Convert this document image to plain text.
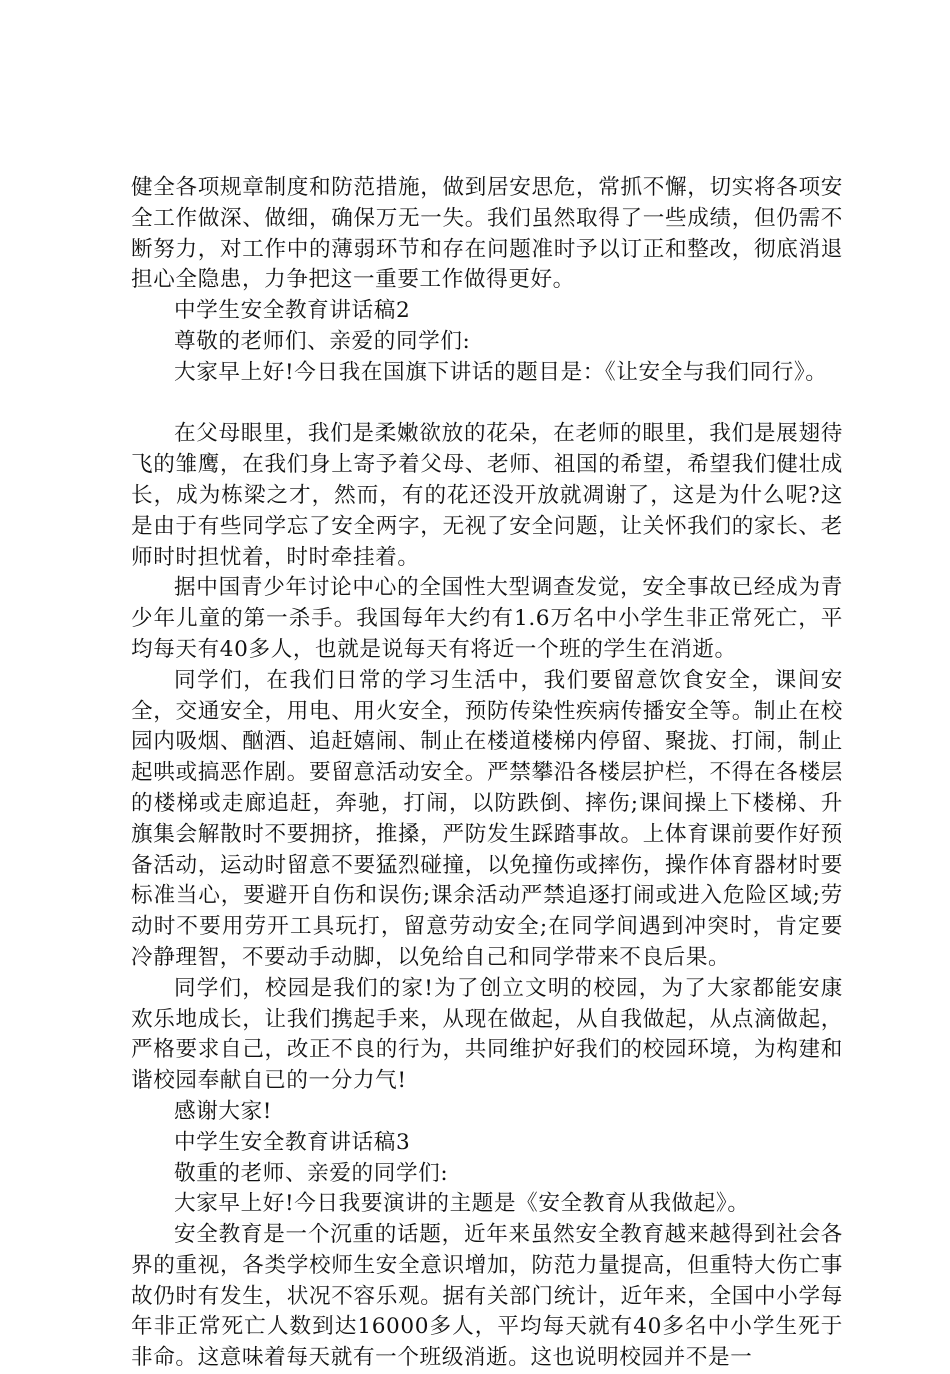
健全各项规章制度和防范措施，做到居安思危，常抓不懈，切实将各项安全工作做深、做细，确保万无一失。我们虽然取得了一些成绩，但仍需不断努力，对工作中的薄弱环节和存在问题准时予以订正和整改，彻底消退担心全隐患，力争把这一重要工作做得更好。

中学生安全教育讲话稿2

尊敬的老师们、亲爱的同学们:

大家早上好!今日我在国旗下讲话的题目是：《让安全与我们同行》。

在父母眼里，我们是柔嫩欲放的花朵，在老师的眼里，我们是展翅待飞的雏鹰，在我们身上寄予着父母、老师、祖国的希望，希望我们健壮成长，成为栋梁之才，然而，有的花还没开放就凋谢了，这是为什么呢?这是由于有些同学忘了安全两字，无视了安全问题，让关怀我们的家长、老师时时担忧着，时时牵挂着。

据中国青少年讨论中心的全国性大型调查发觉，安全事故已经成为青少年儿童的第一杀手。我国每年大约有1.6万名中小学生非正常死亡，平均每天有40多人，也就是说每天有将近一个班的学生在消逝。

同学们，在我们日常的学习生活中，我们要留意饮食安全，课间安全，交通安全，用电、用火安全，预防传染性疾病传播安全等。制止在校园内吸烟、酗酒、追赶嬉闹、制止在楼道楼梯内停留、聚拢、打闹，制止起哄或搞恶作剧。要留意活动安全。严禁攀沿各楼层护栏，不得在各楼层的楼梯或走廊追赶，奔驰，打闹，以防跌倒、摔伤;课间操上下楼梯、升旗集会解散时不要拥挤，推搡，严防发生踩踏事故。上体育课前要作好预备活动，运动时留意不要猛烈碰撞，以免撞伤或摔伤，操作体育器材时要标准当心，要避开自伤和误伤;课余活动严禁追逐打闹或进入危险区域;劳动时不要用劳开工具玩打，留意劳动安全;在同学间遇到冲突时，肯定要冷静理智，不要动手动脚，以免给自己和同学带来不良后果。

同学们，校园是我们的家!为了创立文明的校园，为了大家都能安康欢乐地成长，让我们携起手来，从现在做起，从自我做起，从点滴做起，严格要求自己，改正不良的行为，共同维护好我们的校园环境，为构建和谐校园奉献自已的一分力气!

感谢大家!

中学生安全教育讲话稿3

敬重的老师、亲爱的同学们:

大家早上好!今日我要演讲的主题是《安全教育从我做起》。

安全教育是一个沉重的话题，近年来虽然安全教育越来越得到社会各界的重视，各类学校师生安全意识增加，防范力量提高，但重特大伤亡事故仍时有发生，状况不容乐观。据有关部门统计，近年来，全国中小学每年非正常死亡人数到达16000多人，平均每天就有40多名中小学生死于非命。这意味着每天就有一个班级消逝。这也说明校园并不是一
